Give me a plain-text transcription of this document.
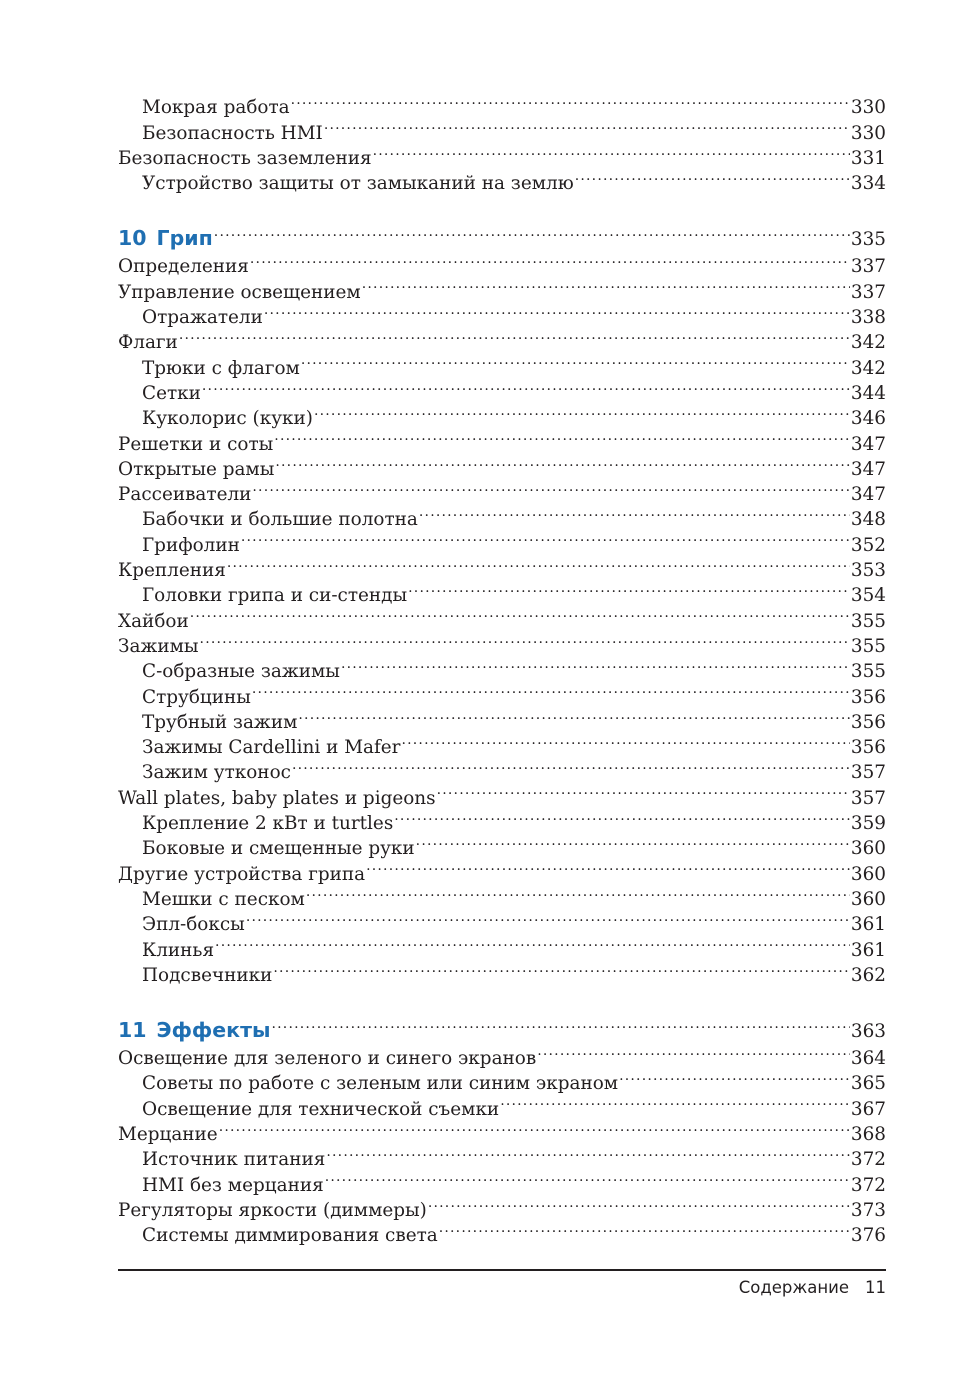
Мокрая работа .....	330
Безопасность HMI .....	330
Безопасность заземления .....	331
Устройство защиты от замыканий на землю .....	334
10 Грип .....	335
Определения .....	337
Управление освещением .....	337
Отражатели .....	338
Флаги .....	342
Трюки с флагом .....	342
Сетки .....	344
Куколорис (куки) .....	346
Решетки и соты .....	347
Открытые рамы .....	347
Рассеиватели .....	347
Бабочки и большие полотна .....	348
Грифолин .....	352
Крепления .....	353
Головки грипа и си-стенды .....	354
Хайбои .....	355
Зажимы .....	355
С-образные зажимы .....	355
Струбцины .....	356
Трубный зажим .....	356
Зажимы Cardellini и Mafer .....	356
Зажим утконос .....	357
Wall plates, baby plates и pigeons .....	357
Крепление 2 кВт и turtles .....	359
Боковые и смещенные руки .....	360
Другие устройства грипа .....	360
Мешки с песком .....	360
Эпл-боксы .....	361
Клинья .....	361
Подсвечники .....	362
11 Эффекты .....	363
Освещение для зеленого и синего экранов .....	364
Советы по работе с зеленым или синим экраном .....	365
Освещение для технической съемки .....	367
Мерцание .....	368
Источник питания .....	372
HMI без мерцания .....	372
Регуляторы яркости (диммеры) .....	373
Системы диммирования света .....	376
Содержание 11
